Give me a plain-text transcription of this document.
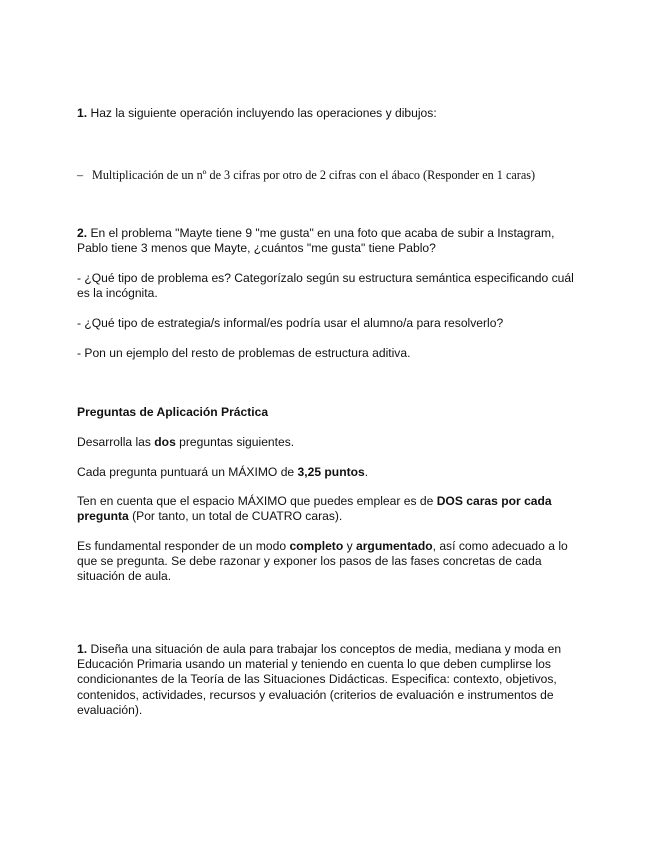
1. Haz la siguiente operación incluyendo las operaciones y dibujos:

– Multiplicación de un nº de 3 cifras por otro de 2 cifras con el ábaco (Responder en 1 caras)

2. En el problema "Mayte tiene 9 "me gusta" en una foto que acaba de subir a Instagram, Pablo tiene 3 menos que Mayte, ¿cuántos "me gusta" tiene Pablo?

- ¿Qué tipo de problema es? Categorízalo según su estructura semántica especificando cuál es la incógnita.

- ¿Qué tipo de estrategia/s informal/es podría usar el alumno/a para resolverlo?

- Pon un ejemplo del resto de problemas de estructura aditiva.

Preguntas de Aplicación Práctica

Desarrolla las dos preguntas siguientes.

Cada pregunta puntuará un MÁXIMO de 3,25 puntos.

Ten en cuenta que el espacio MÁXIMO que puedes emplear es de DOS caras por cada pregunta (Por tanto, un total de CUATRO caras).

Es fundamental responder de un modo completo y argumentado, así como adecuado a lo que se pregunta. Se debe razonar y exponer los pasos de las fases concretas de cada situación de aula.

1. Diseña una situación de aula para trabajar los conceptos de media, mediana y moda en Educación Primaria usando un material y teniendo en cuenta lo que deben cumplirse los condicionantes de la Teoría de las Situaciones Didácticas. Especifica: contexto, objetivos, contenidos, actividades, recursos y evaluación (criterios de evaluación e instrumentos de evaluación).
